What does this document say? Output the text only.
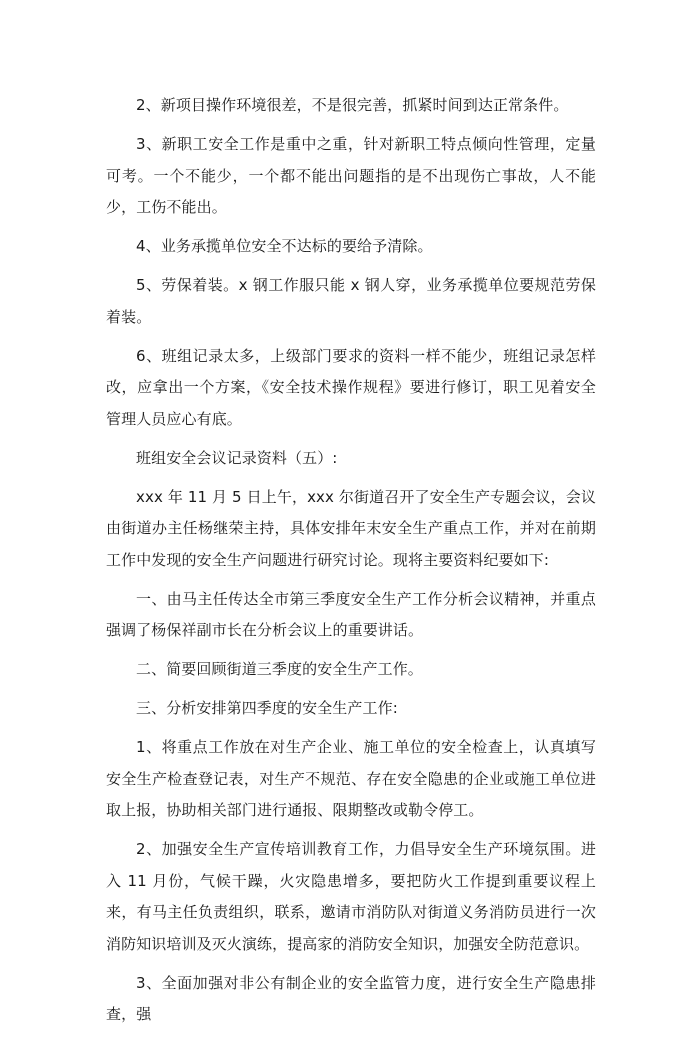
2、新项目操作环境很差，不是很完善，抓紧时间到达正常条件。

3、新职工安全工作是重中之重，针对新职工特点倾向性管理，定量可考。一个不能少，一个都不能出问题指的是不出现伤亡事故，人不能少，工伤不能出。

4、业务承揽单位安全不达标的要给予清除。

5、劳保着装。x 钢工作服只能 x 钢人穿，业务承揽单位要规范劳保着装。

6、班组记录太多，上级部门要求的资料一样不能少，班组记录怎样改，应拿出一个方案，《安全技术操作规程》要进行修订，职工见着安全管理人员应心有底。

班组安全会议记录资料（五）:

xxx 年 11 月 5 日上午，xxx 尔街道召开了安全生产专题会议，会议由街道办主任杨继荣主持，具体安排年末安全生产重点工作，并对在前期工作中发现的安全生产问题进行研究讨论。现将主要资料纪要如下:

一、由马主任传达全市第三季度安全生产工作分析会议精神，并重点强调了杨保祥副市长在分析会议上的重要讲话。

二、简要回顾街道三季度的安全生产工作。

三、分析安排第四季度的安全生产工作:

1、将重点工作放在对生产企业、施工单位的安全检查上，认真填写安全生产检查登记表，对生产不规范、存在安全隐患的企业或施工单位进取上报，协助相关部门进行通报、限期整改或勒令停工。

2、加强安全生产宣传培训教育工作，力倡导安全生产环境氛围。进入 11 月份，气候干躁，火灾隐患增多，要把防火工作提到重要议程上来，有马主任负责组织，联系，邀请市消防队对街道义务消防员进行一次消防知识培训及灭火演练，提高家的消防安全知识，加强安全防范意识。

3、全面加强对非公有制企业的安全监管力度，进行安全生产隐患排查，强
